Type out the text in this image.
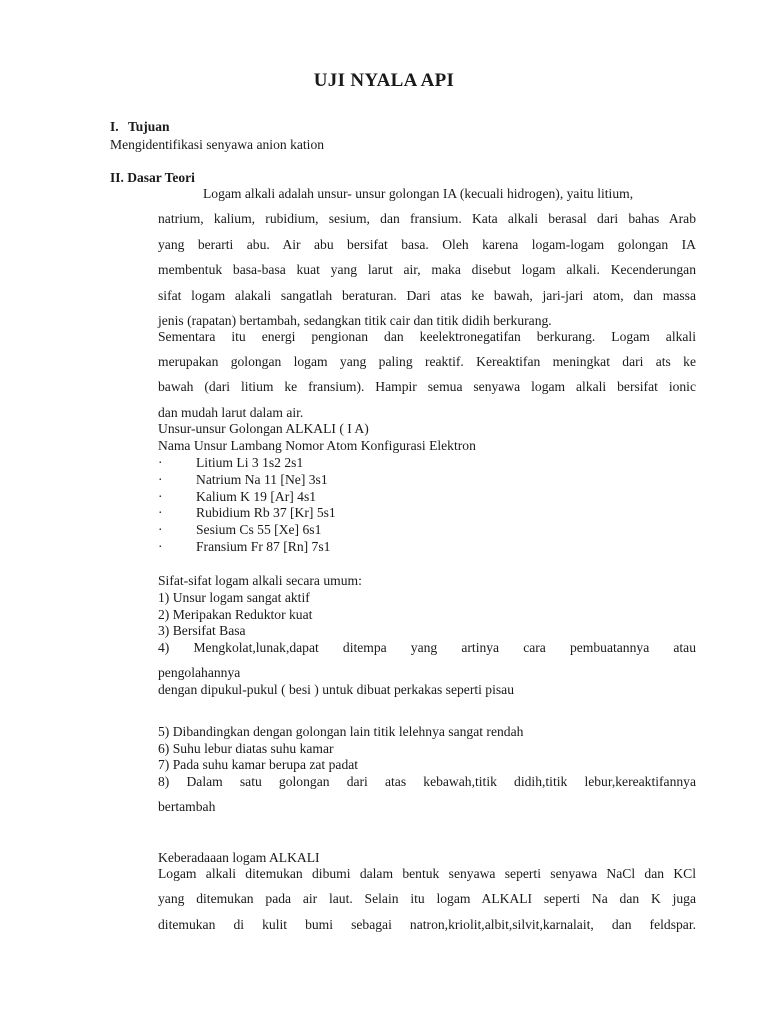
UJI NYALA API
I. Tujuan
Mengidentifikasi senyawa anion kation
II. Dasar Teori
Logam alkali adalah unsur- unsur golongan IA (kecuali hidrogen), yaitu litium,
natrium, kalium, rubidium, sesium, dan fransium. Kata alkali berasal dari bahas Arab
yang berarti abu. Air abu bersifat basa. Oleh karena logam-logam golongan IA
membentuk basa-basa kuat yang larut air, maka disebut logam alkali. Kecenderungan
sifat logam alakali sangatlah beraturan. Dari atas ke bawah, jari-jari atom, dan massa
jenis (rapatan) bertambah, sedangkan titik cair dan titik didih berkurang.
Sementara itu energi pengionan dan keelektronegatifan berkurang. Logam alkali
merupakan golongan logam yang paling reaktif. Kereaktifan meningkat dari ats ke
bawah (dari litium ke fransium). Hampir semua senyawa logam alkali bersifat ionic
dan mudah larut dalam air.
Unsur-unsur Golongan ALKALI ( I A)
Nama Unsur Lambang Nomor Atom Konfigurasi Elektron
· Litium Li 3 1s2 2s1
· Natrium Na 11 [Ne] 3s1
· Kalium K 19 [Ar] 4s1
· Rubidium Rb 37 [Kr] 5s1
· Sesium Cs 55 [Xe] 6s1
· Fransium Fr 87 [Rn] 7s1
Sifat-sifat logam alkali secara umum:
1) Unsur logam sangat aktif
2) Meripakan Reduktor kuat
3) Bersifat Basa
4) Mengkolat,lunak,dapat ditempa yang artinya cara pembuatannya atau
pengolahannya
dengan dipukul-pukul ( besi ) untuk dibuat perkakas seperti pisau
5) Dibandingkan dengan golongan lain titik lelehnya sangat rendah
6) Suhu lebur diatas suhu kamar
7) Pada suhu kamar berupa zat padat
8) Dalam satu golongan dari atas kebawah,titik didih,titik lebur,kereaktifannya
bertambah
Keberadaaan logam ALKALI
Logam alkali ditemukan dibumi dalam bentuk senyawa seperti senyawa NaCl dan KCl
yang ditemukan pada air laut. Selain itu logam ALKALI seperti Na dan K juga
ditemukan di kulit bumi sebagai natron,kriolit,albit,silvit,karnalait, dan feldspar.
